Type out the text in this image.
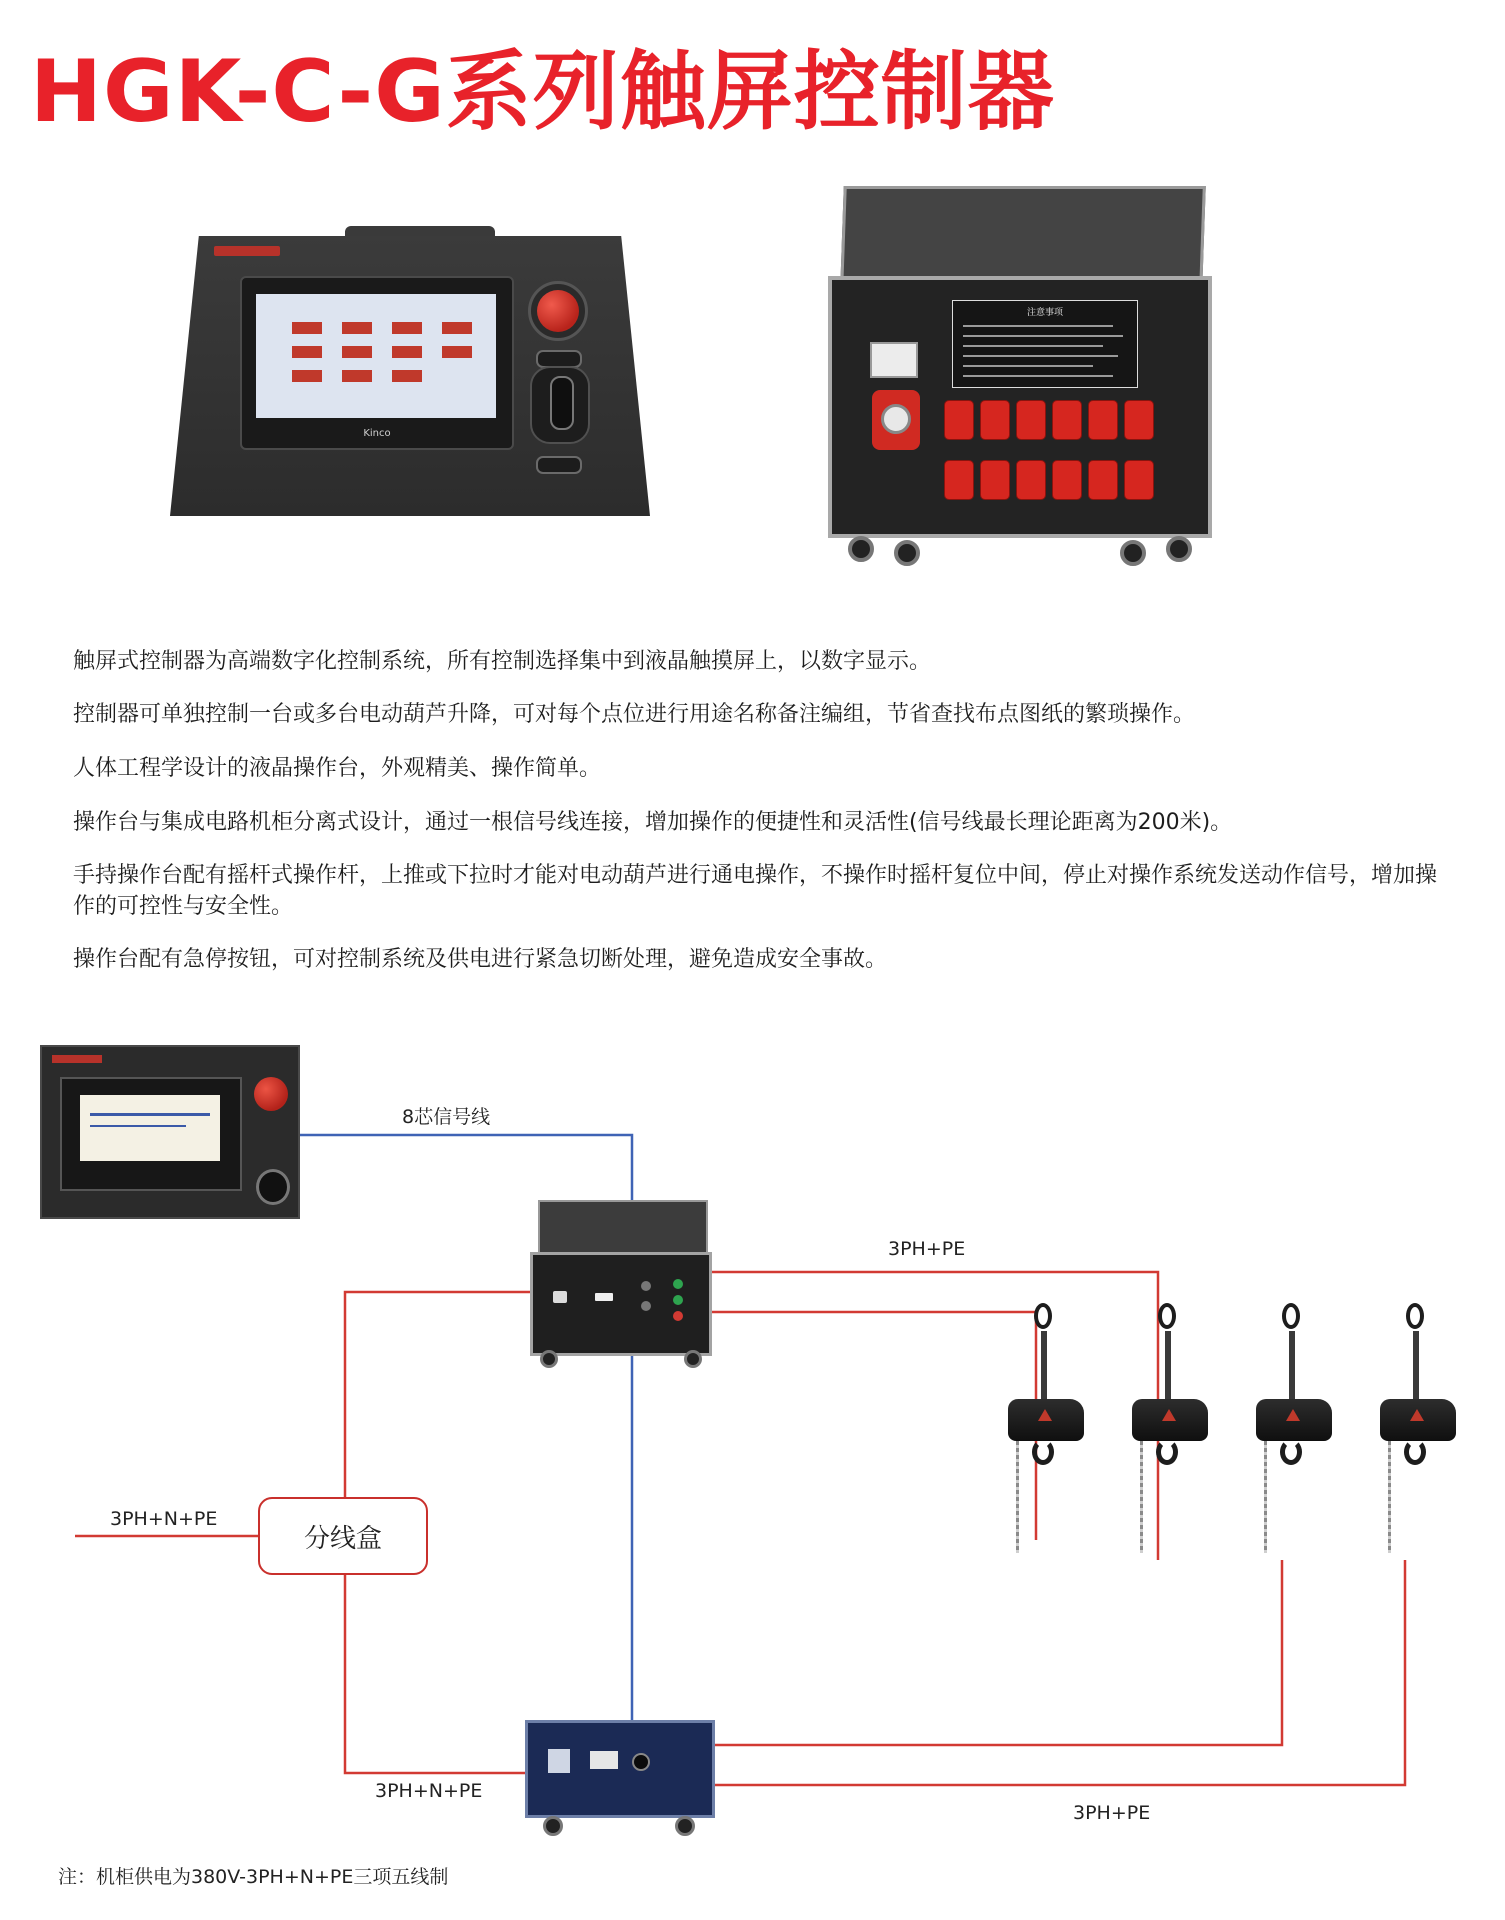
HGK-C-G系列触屏控制器
Kinco
注意事项

触屏式控制器为高端数字化控制系统，所有控制选择集中到液晶触摸屏上，以数字显示。

控制器可单独控制一台或多台电动葫芦升降，可对每个点位进行用途名称备注编组，节省查找布点图纸的繁琐操作。

人体工程学设计的液晶操作台，外观精美、操作简单。

操作台与集成电路机柜分离式设计，通过一根信号线连接，增加操作的便捷性和灵活性(信号线最长理论距离为200米)。

手持操作台配有摇杆式操作杆，上推或下拉时才能对电动葫芦进行通电操作，不操作时摇杆复位中间，停止对操作系统发送动作信号，增加操作的可控性与安全性。

操作台配有急停按钮，可对控制系统及供电进行紧急切断处理，避免造成安全事故。

8芯信号线
3PH+PE
3PH+N+PE
3PH+N+PE
3PH+PE
分线盒

注：机柜供电为380V-3PH+N+PE三项五线制
